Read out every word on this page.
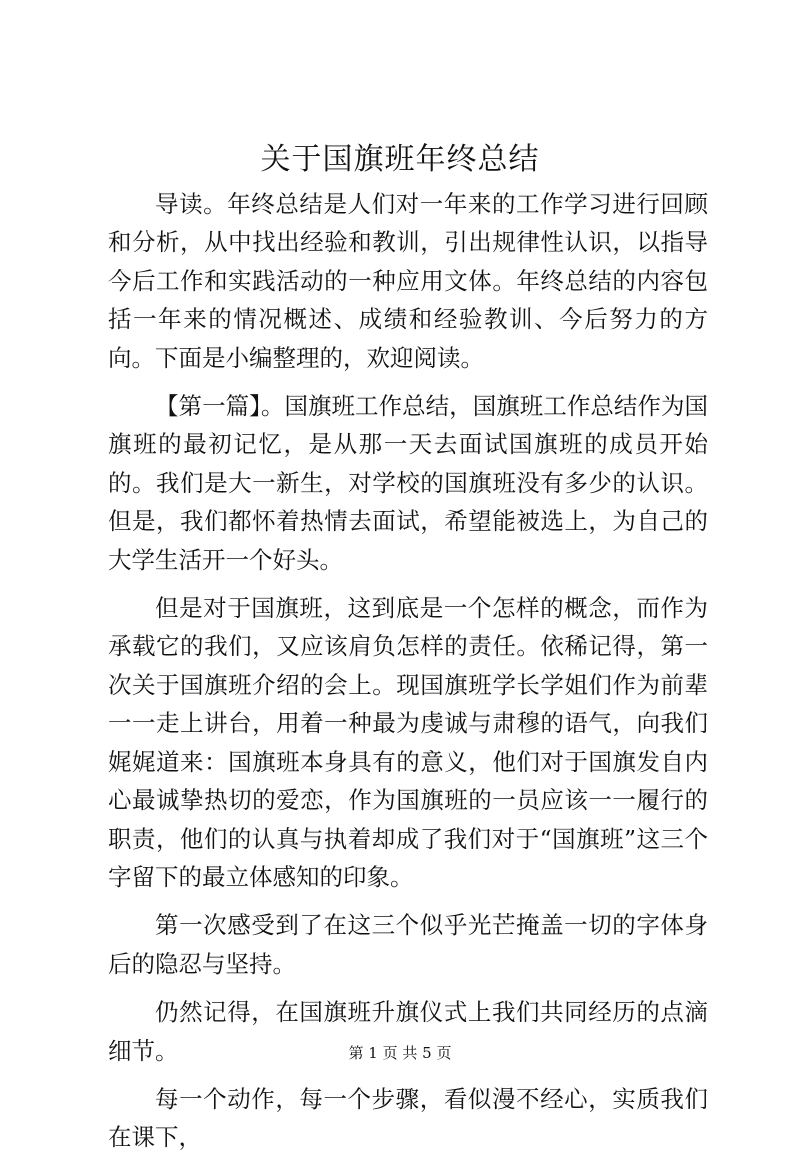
关于国旗班年终总结

导读。年终总结是人们对一年来的工作学习进行回顾和分析，从中找出经验和教训，引出规律性认识，以指导今后工作和实践活动的一种应用文体。年终总结的内容包括一年来的情况概述、成绩和经验教训、今后努力的方向。下面是小编整理的，欢迎阅读。

【第一篇】。国旗班工作总结，国旗班工作总结作为国旗班的最初记忆，是从那一天去面试国旗班的成员开始的。我们是大一新生，对学校的国旗班没有多少的认识。但是，我们都怀着热情去面试，希望能被选上，为自己的大学生活开一个好头。

但是对于国旗班，这到底是一个怎样的概念，而作为承载它的我们，又应该肩负怎样的责任。依稀记得，第一次关于国旗班介绍的会上。现国旗班学长学姐们作为前辈一一走上讲台，用着一种最为虔诚与肃穆的语气，向我们娓娓道来：国旗班本身具有的意义，他们对于国旗发自内心最诚挚热切的爱恋，作为国旗班的一员应该一一履行的职责，他们的认真与执着却成了我们对于“国旗班”这三个字留下的最立体感知的印象。

第一次感受到了在这三个似乎光芒掩盖一切的字体身后的隐忍与坚持。

仍然记得，在国旗班升旗仪式上我们共同经历的点滴细节。

每一个动作，每一个步骤，看似漫不经心，实质我们在课下，

第 1 页 共 5 页
